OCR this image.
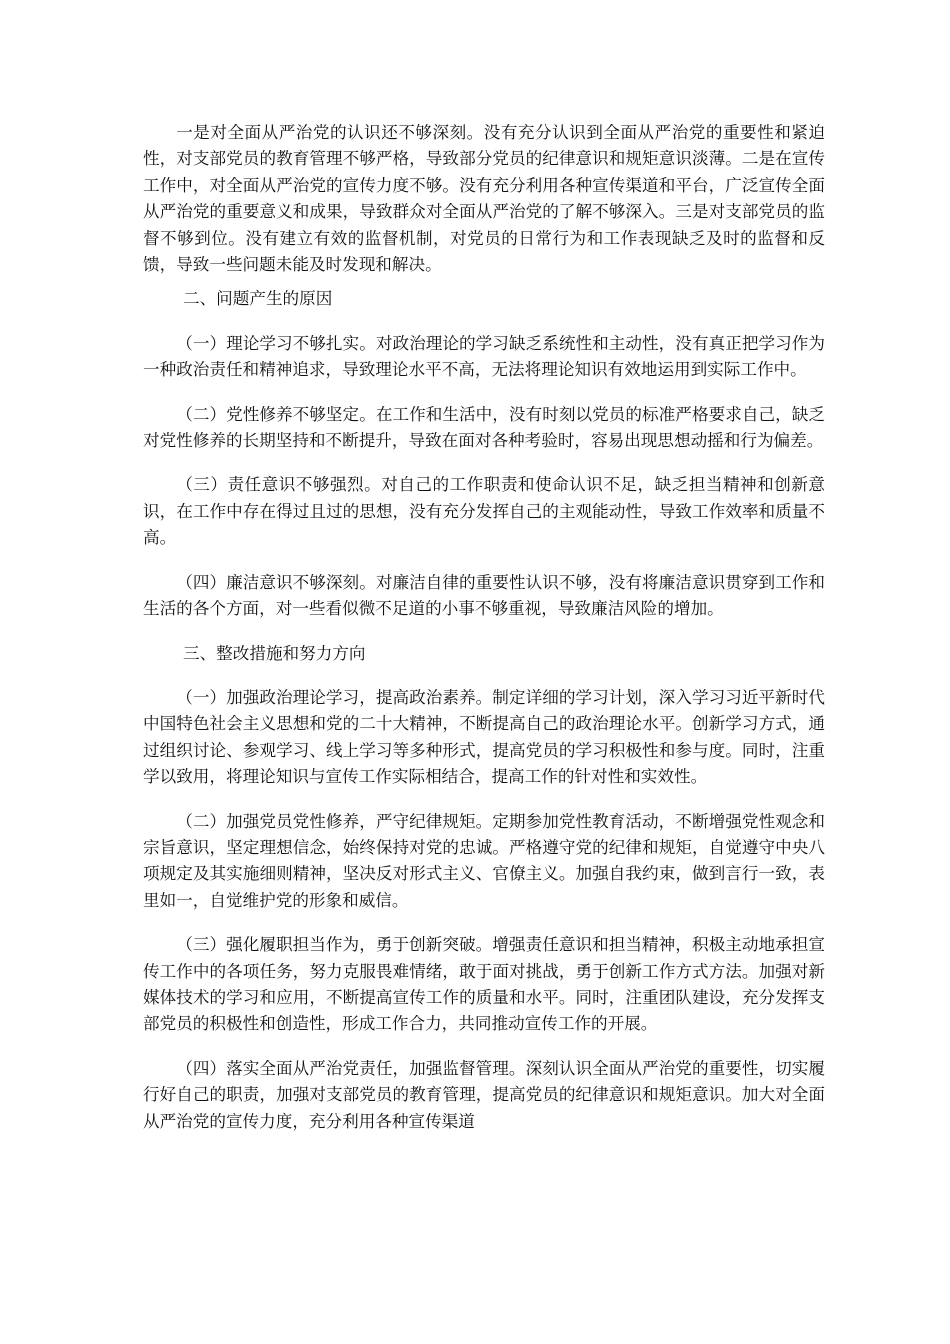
一是对全面从严治党的认识还不够深刻。没有充分认识到全面从严治党的重要性和紧迫性，对支部党员的教育管理不够严格，导致部分党员的纪律意识和规矩意识淡薄。二是在宣传工作中，对全面从严治党的宣传力度不够。没有充分利用各种宣传渠道和平台，广泛宣传全面从严治党的重要意义和成果，导致群众对全面从严治党的了解不够深入。三是对支部党员的监督不够到位。没有建立有效的监督机制，对党员的日常行为和工作表现缺乏及时的监督和反馈，导致一些问题未能及时发现和解决。

二、问题产生的原因

（一）理论学习不够扎实。对政治理论的学习缺乏系统性和主动性，没有真正把学习作为一种政治责任和精神追求，导致理论水平不高，无法将理论知识有效地运用到实际工作中。

（二）党性修养不够坚定。在工作和生活中，没有时刻以党员的标准严格要求自己，缺乏对党性修养的长期坚持和不断提升，导致在面对各种考验时，容易出现思想动摇和行为偏差。

（三）责任意识不够强烈。对自己的工作职责和使命认识不足，缺乏担当精神和创新意识，在工作中存在得过且过的思想，没有充分发挥自己的主观能动性，导致工作效率和质量不高。

（四）廉洁意识不够深刻。对廉洁自律的重要性认识不够，没有将廉洁意识贯穿到工作和生活的各个方面，对一些看似微不足道的小事不够重视，导致廉洁风险的增加。

三、整改措施和努力方向

（一）加强政治理论学习，提高政治素养。制定详细的学习计划，深入学习习近平新时代中国特色社会主义思想和党的二十大精神，不断提高自己的政治理论水平。创新学习方式，通过组织讨论、参观学习、线上学习等多种形式，提高党员的学习积极性和参与度。同时，注重学以致用，将理论知识与宣传工作实际相结合，提高工作的针对性和实效性。

（二）加强党员党性修养，严守纪律规矩。定期参加党性教育活动，不断增强党性观念和宗旨意识，坚定理想信念，始终保持对党的忠诚。严格遵守党的纪律和规矩，自觉遵守中央八项规定及其实施细则精神，坚决反对形式主义、官僚主义。加强自我约束，做到言行一致，表里如一，自觉维护党的形象和威信。

（三）强化履职担当作为，勇于创新突破。增强责任意识和担当精神，积极主动地承担宣传工作中的各项任务，努力克服畏难情绪，敢于面对挑战，勇于创新工作方式方法。加强对新媒体技术的学习和应用，不断提高宣传工作的质量和水平。同时，注重团队建设，充分发挥支部党员的积极性和创造性，形成工作合力，共同推动宣传工作的开展。

（四）落实全面从严治党责任，加强监督管理。深刻认识全面从严治党的重要性，切实履行好自己的职责，加强对支部党员的教育管理，提高党员的纪律意识和规矩意识。加大对全面从严治党的宣传力度，充分利用各种宣传渠道
